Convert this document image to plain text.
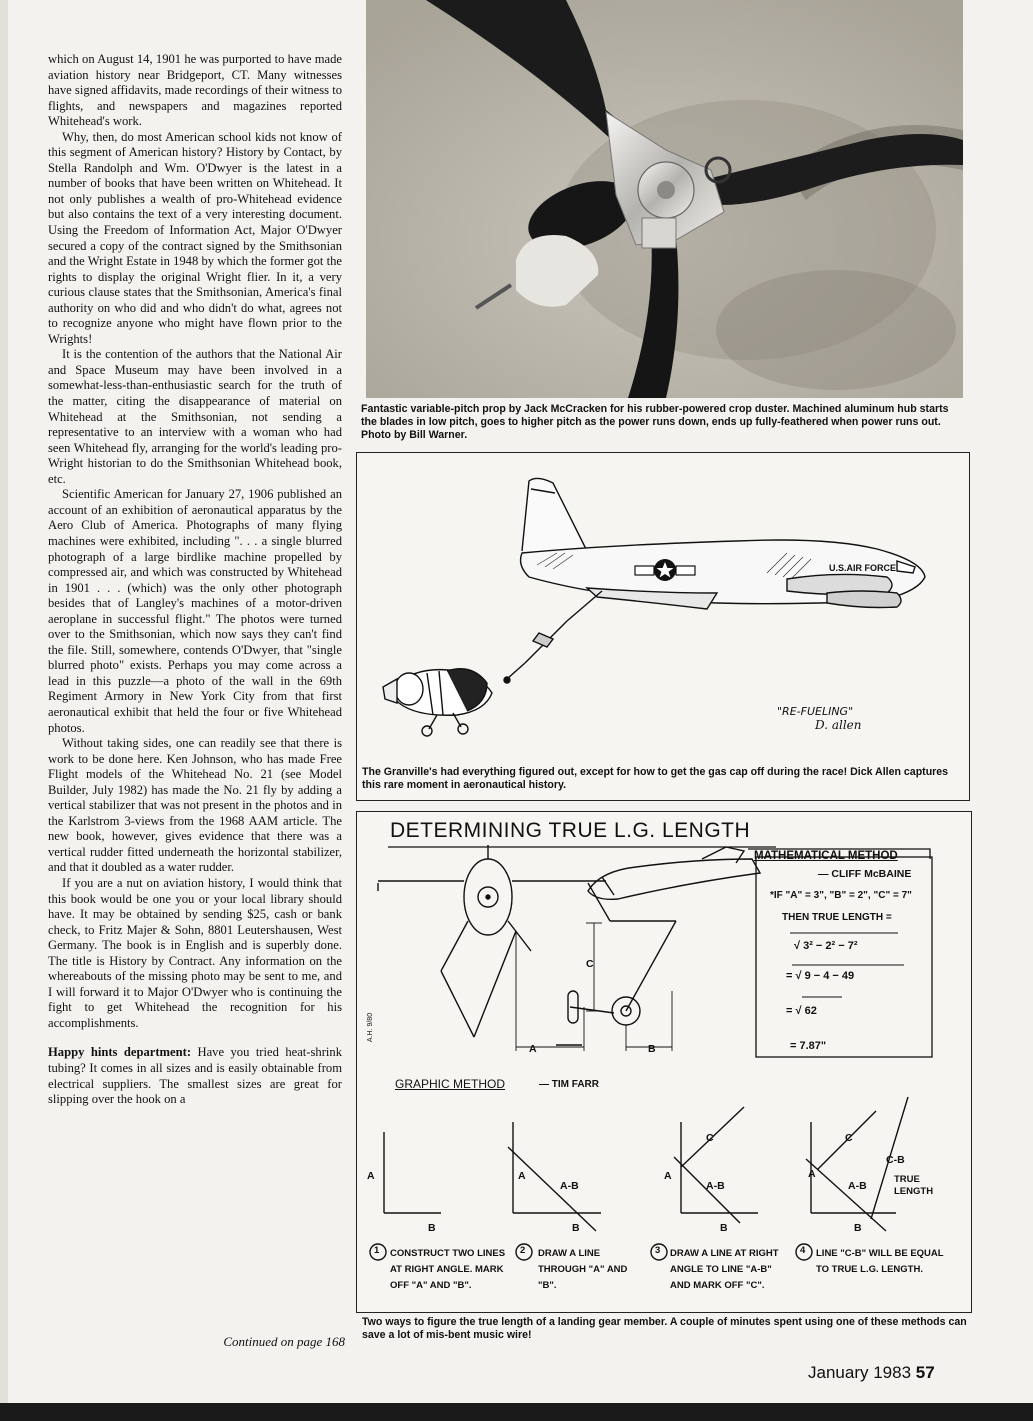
which on August 14, 1901 he was purported to have made aviation history near Bridgeport, CT. Many witnesses have signed affidavits, made recordings of their witness to flights, and newspapers and magazines reported Whitehead's work.

Why, then, do most American school kids not know of this segment of American history? History by Contact, by Stella Randolph and Wm. O'Dwyer is the latest in a number of books that have been written on Whitehead. It not only publishes a wealth of pro-Whitehead evidence but also contains the text of a very interesting document. Using the Freedom of Information Act, Major O'Dwyer secured a copy of the contract signed by the Smithsonian and the Wright Estate in 1948 by which the former got the rights to display the original Wright flier. In it, a very curious clause states that the Smithsonian, America's final authority on who did and who didn't do what, agrees not to recognize anyone who might have flown prior to the Wrights!

It is the contention of the authors that the National Air and Space Museum may have been involved in a somewhat-less-than-enthusiastic search for the truth of the matter, citing the disappearance of material on Whitehead at the Smithsonian, not sending a representative to an interview with a woman who had seen Whitehead fly, arranging for the world's leading pro-Wright historian to do the Smithsonian Whitehead book, etc.

Scientific American for January 27, 1906 published an account of an exhibition of aeronautical apparatus by the Aero Club of America. Photographs of many flying machines were exhibited, including ". . . a single blurred photograph of a large birdlike machine propelled by compressed air, and which was constructed by Whitehead in 1901 . . . (which) was the only other photograph besides that of Langley's machines of a motor-driven aeroplane in successful flight." The photos were turned over to the Smithsonian, which now says they can't find the file. Still, somewhere, contends O'Dwyer, that "single blurred photo" exists. Perhaps you may come across a lead in this puzzle—a photo of the wall in the 69th Regiment Armory in New York City from that first aeronautical exhibit that held the four or five Whitehead photos.

Without taking sides, one can readily see that there is work to be done here. Ken Johnson, who has made Free Flight models of the Whitehead No. 21 (see Model Builder, July 1982) has made the No. 21 fly by adding a vertical stabilizer that was not present in the photos and in the Karlstrom 3-views from the 1968 AAM article. The new book, however, gives evidence that there was a vertical rudder fitted underneath the horizontal stabilizer, and that it doubled as a water rudder.

If you are a nut on aviation history, I would think that this book would be one you or your local library should have. It may be obtained by sending $25, cash or bank check, to Fritz Majer & Sohn, 8801 Leutershausen, West Germany. The book is in English and is superbly done. The title is History by Contract. Any information on the whereabouts of the missing photo may be sent to me, and I will forward it to Major O'Dwyer who is continuing the fight to get Whitehead the recognition for his accomplishments.

Happy hints department: Have you tried heat-shrink tubing? It comes in all sizes and is easily obtainable from electrical suppliers. The smallest sizes are great for slipping over the hook on a

Continued on page 168
Fantastic variable-pitch prop by Jack McCracken for his rubber-powered crop duster. Machined aluminum hub starts the blades in low pitch, goes to higher pitch as the power runs down, ends up fully-feathered when power runs out. Photo by Bill Warner.
U.S.AIR FORCE
"RE-FUELING"
D. allen
The Granville's had everything figured out, except for how to get the gas cap off during the race! Dick Allen captures this rare moment in aeronautical history.
DETERMINING TRUE L.G. LENGTH
MATHEMATICAL METHOD
— CLIFF McBAINE
*IF "A" = 3", "B" = 2", "C" = 7"
THEN TRUE LENGTH =
√ 3² − 2² − 7²
= √ 9 − 4 − 49
= √ 62
= 7.87"
A	B
C
A.H. 9/80
GRAPHIC METHOD	— TIM FARR
A
B
A
A-B
B
A
C
A-B
B
A
C
A-B
C-B
TRUE LENGTH
B
1 CONSTRUCT TWO LINES AT RIGHT ANGLE. MARK OFF "A" AND "B".
2 DRAW A LINE THROUGH "A" AND "B".
3 DRAW A LINE AT RIGHT ANGLE TO LINE "A-B" AND MARK OFF "C".
4 LINE "C-B" WILL BE EQUAL TO TRUE L.G. LENGTH.
Two ways to figure the true length of a landing gear member. A couple of minutes spent using one of these methods can save a lot of mis-bent music wire!
January 1983 57
